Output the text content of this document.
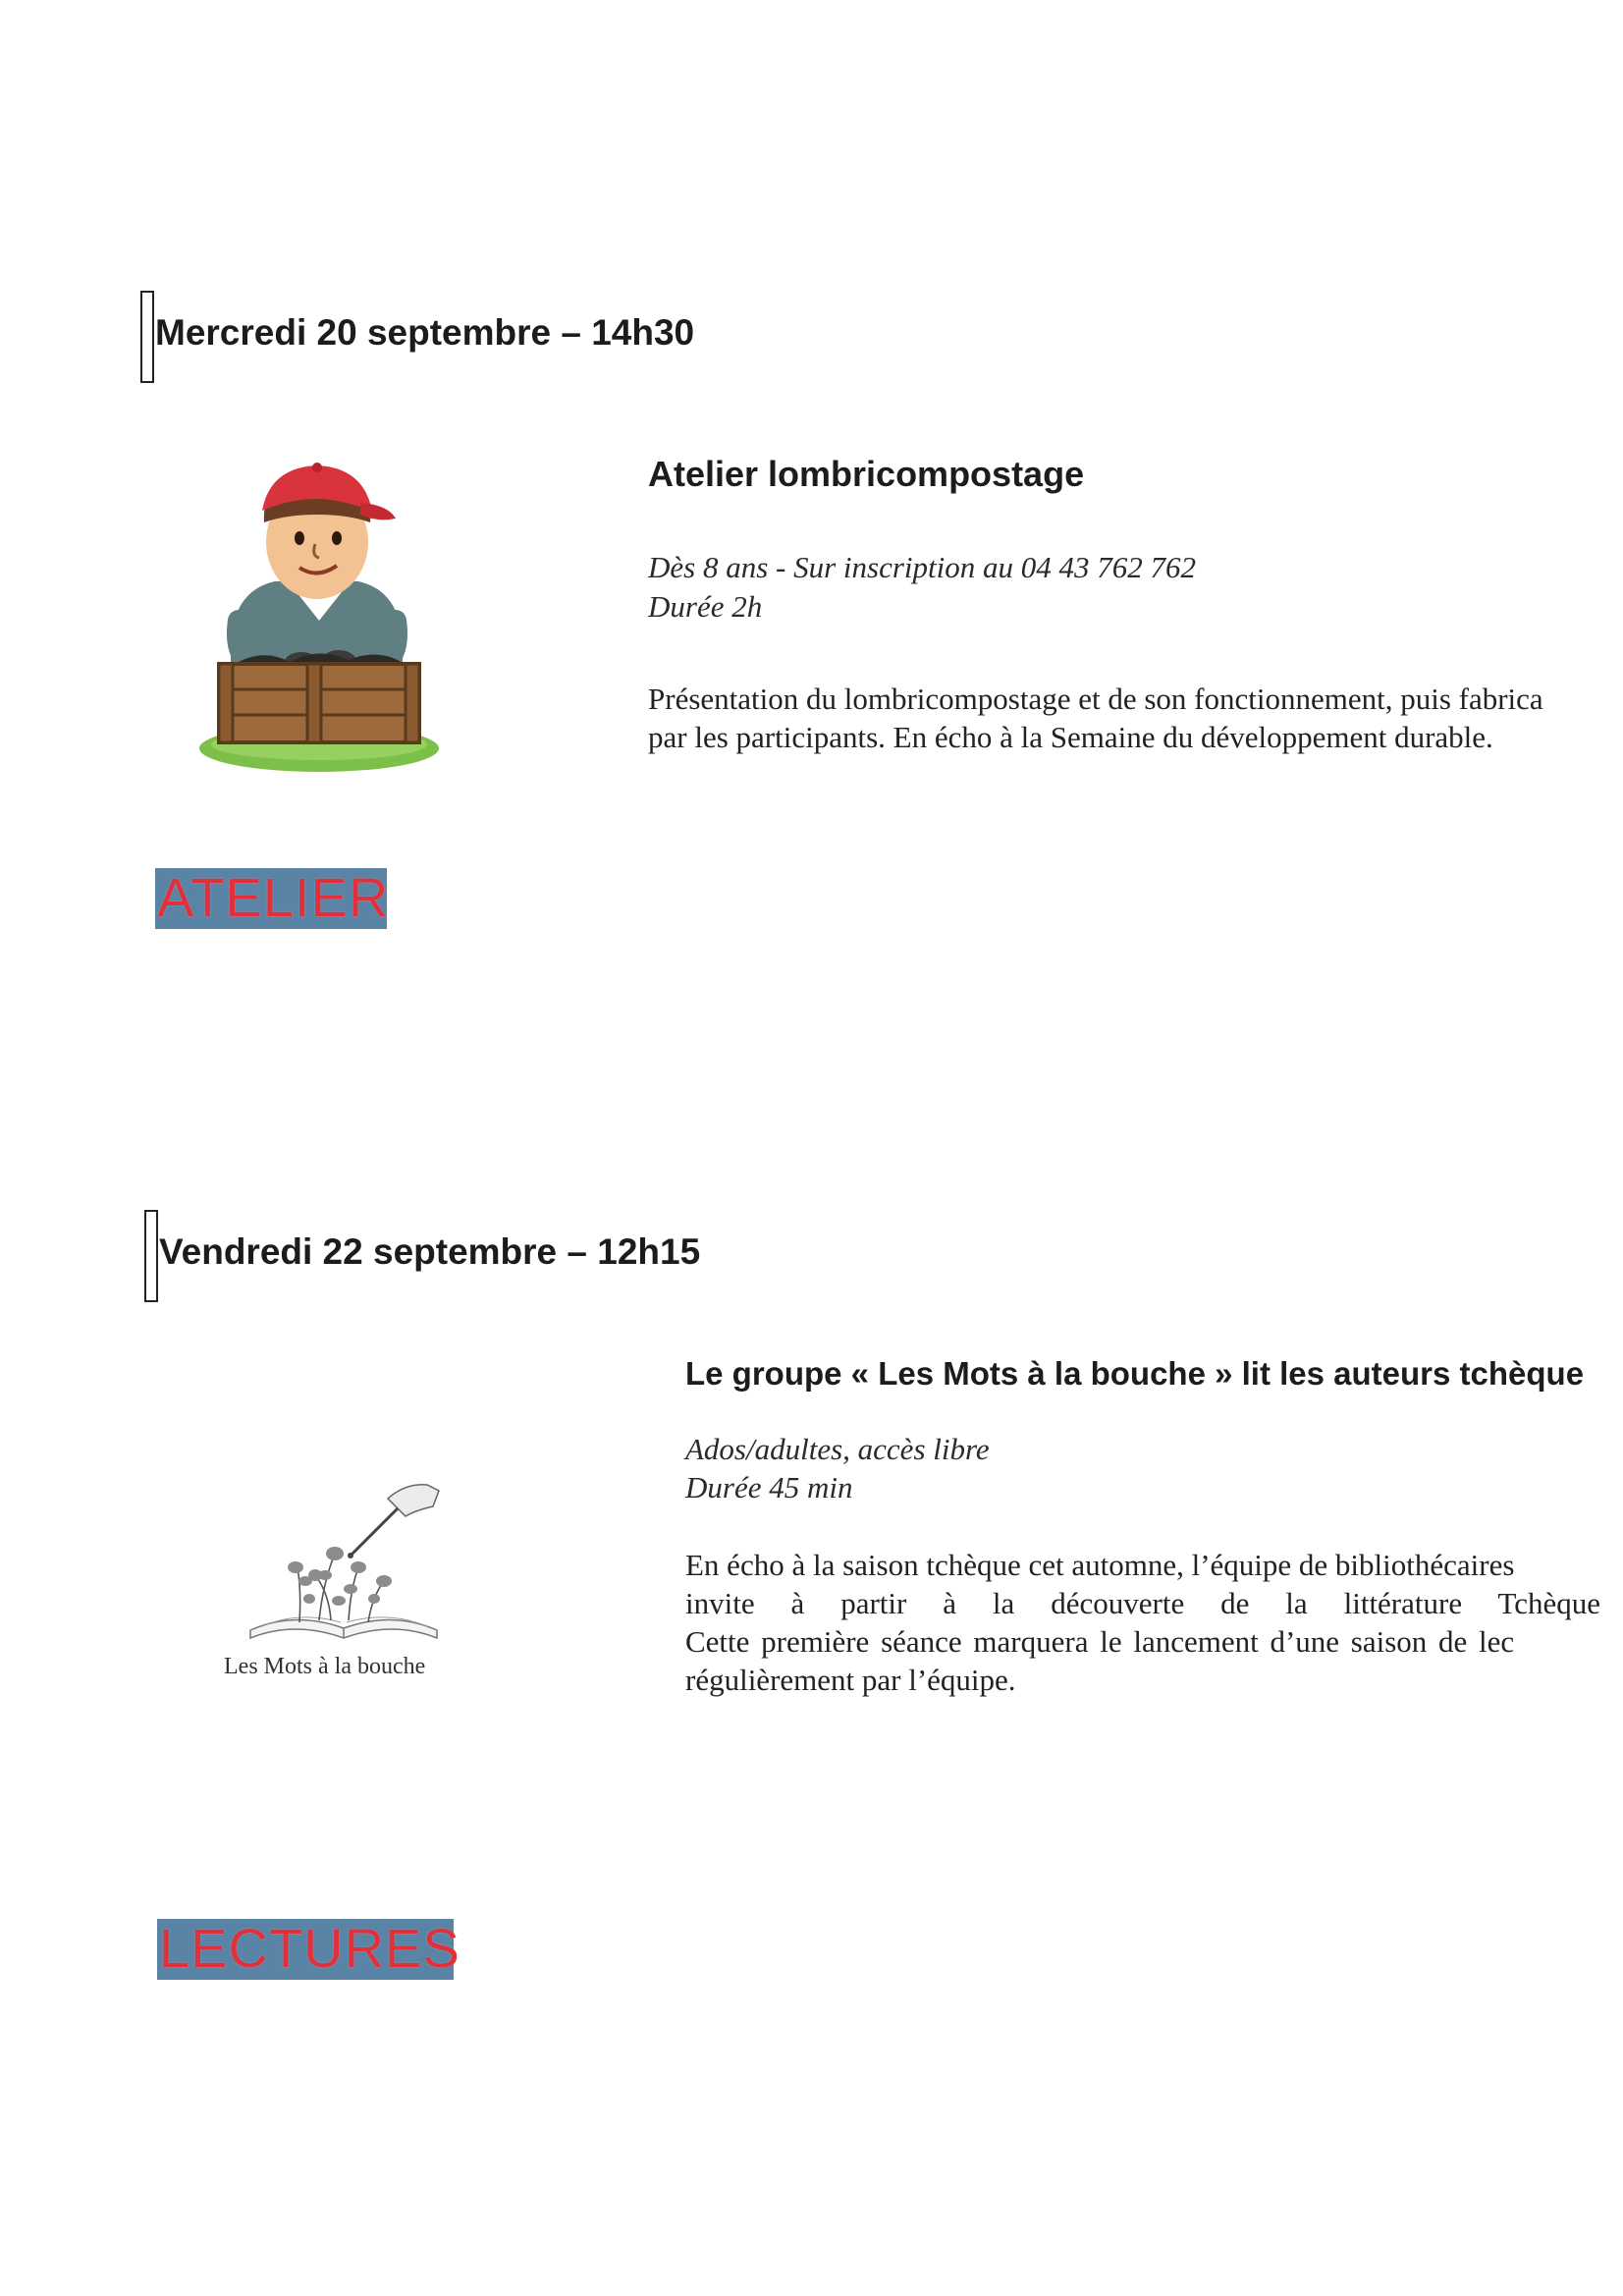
Mercredi 20 septembre – 14h30
Atelier lombricompostage
Dès 8 ans - Sur inscription au 04 43 762 762
Durée 2h
Présentation du lombricompostage et de son fonctionnement, puis fabrica
par les participants. En écho à la Semaine du développement durable.
ATELIER
Vendredi 22 septembre – 12h15
Les Mots à la bouche
Le groupe « Les Mots à la bouche » lit les auteurs tchèque
Ados/adultes, accès libre
Durée 45 min
En écho à la saison tchèque cet automne, l’équipe de bibliothécaires
invite à partir à la découverte de la littérature Tchèque
Cette première séance marquera le lancement d’une saison de lec
régulièrement par l’équipe.
LECTURES
